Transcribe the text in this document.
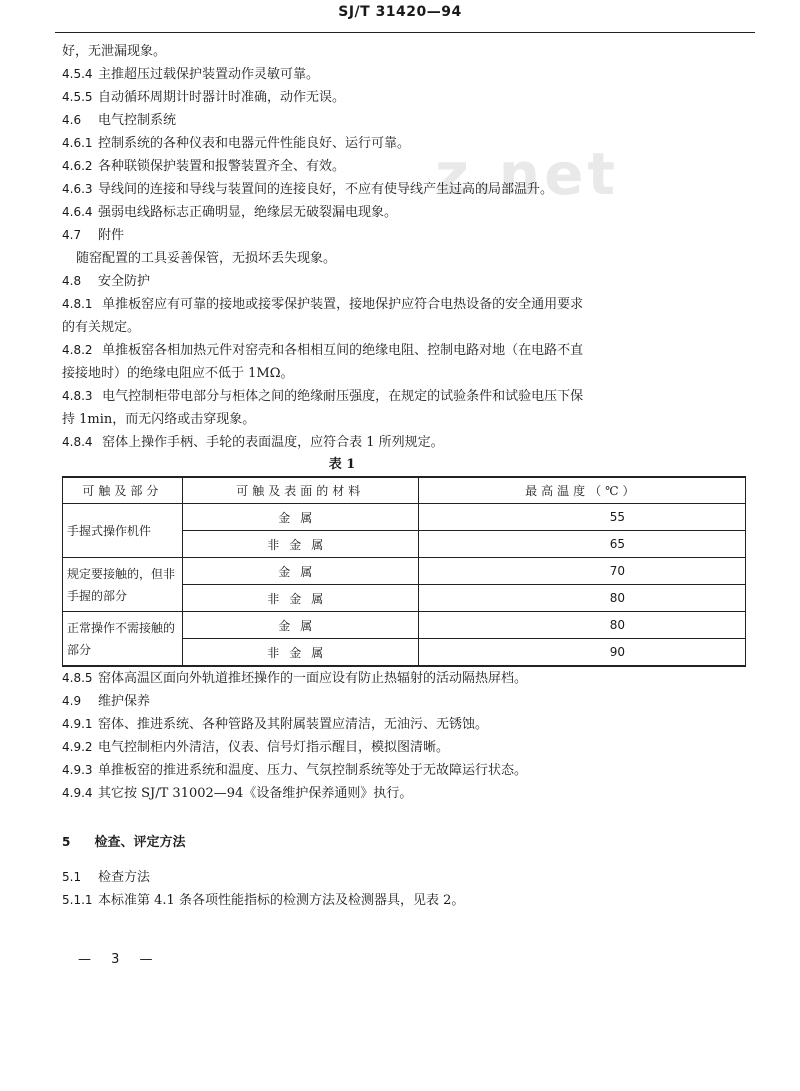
SJ/T 31420—94
z.net
好，无泄漏现象。
4.5.4 主推超压过载保护装置动作灵敏可靠。
4.5.5 自动循环周期计时器计时准确，动作无误。
4.6 电气控制系统
4.6.1 控制系统的各种仪表和电器元件性能良好、运行可靠。
4.6.2 各种联锁保护装置和报警装置齐全、有效。
4.6.3 导线间的连接和导线与装置间的连接良好，不应有使导线产生过高的局部温升。
4.6.4 强弱电线路标志正确明显，绝缘层无破裂漏电现象。
4.7 附件
随窑配置的工具妥善保管，无损坏丢失现象。
4.8 安全防护
4.8.1 单推板窑应有可靠的接地或接零保护装置，接地保护应符合电热设备的安全通用要求
的有关规定。
4.8.2 单推板窑各相加热元件对窑壳和各相相互间的绝缘电阻、控制电路对地（在电路不直
接接地时）的绝缘电阻应不低于 1MΩ。
4.8.3 电气控制柜带电部分与柜体之间的绝缘耐压强度，在规定的试验条件和试验电压下保
持 1min，而无闪络或击穿现象。
4.8.4 窑体上操作手柄、手轮的表面温度，应符合表 1 所列规定。
表 1
可触及部分	可触及表面的材料	最高温度（℃）
手握式操作机件	金属	55
	非金属	65
规定要接触的，但非手握的部分	金属	70
	非金属	80
正常操作不需接触的部分	金属	80
	非金属	90
4.8.5 窑体高温区面向外轨道推坯操作的一面应设有防止热辐射的活动隔热屏档。
4.9 维护保养
4.9.1 窑体、推进系统、各种管路及其附属装置应清洁，无油污、无锈蚀。
4.9.2 电气控制柜内外清洁，仪表、信号灯指示醒目，模拟图清晰。
4.9.3 单推板窑的推进系统和温度、压力、气氛控制系统等处于无故障运行状态。
4.9.4 其它按 SJ/T 31002—94《设备维护保养通则》执行。
5 检查、评定方法
5.1 检查方法
5.1.1 本标准第 4.1 条各项性能指标的检测方法及检测器具，见表 2。
— 3 —
